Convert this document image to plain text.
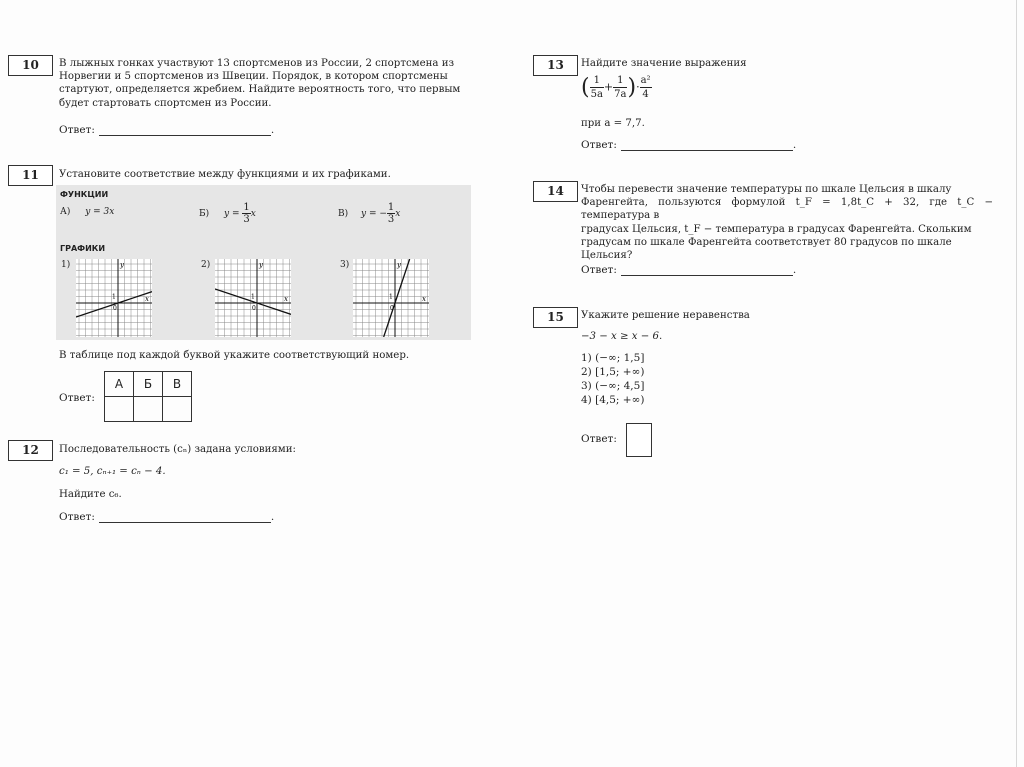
10	В лыжных гонках участвуют 13 спортсменов из России, 2 спортсмена из
Норвегии и 5 спортсменов из Швеции. Порядок, в котором спортсмены
стартуют, определяется жребием. Найдите вероятность того, что первым
будет стартовать спортсмен из России.
Ответ:	.
11	Установите соответствие между функциями и их графиками.
ФУНКЦИИ
А) y = 3x	Б) $y = \frac{1}{3}$ x	В) y = − $\frac{1}{3}$ x
ГРАФИКИ
1)	2)	3)
y
x
0
1
y
x
0
1
y
x
0
1
В таблице под каждой буквой укажите соответствующий номер.
Ответ:
А	Б	В

12	Последовательность (cₙ) задана условиями:
c₁ = 5, cₙ₊₁ = cₙ − 4.
Найдите c₆.
Ответ:	.
13	Найдите значение выражения
( $\frac{1}{5a} + \frac{1}{7a}$ )· $\frac{\text{a²}}{4}$
при a = 7,7.
Ответ:	.
14	Чтобы перевести значение температуры по шкале Цельсия в шкалу
Фаренгейта, пользуются формулой t_F = 1,8t_C + 32, где t_C − температура в
градусах Цельсия, t_F − температура в градусах Фаренгейта. Скольким
градусам по шкале Фаренгейта соответствует 80 градусов по шкале
Цельсия?
Ответ:	.
15	Укажите решение неравенства
−3 − x ≥ x − 6.
1) (−∞; 1,5]
2) [1,5; +∞)
3) (−∞; 4,5]
4) [4,5; +∞)
Ответ:
